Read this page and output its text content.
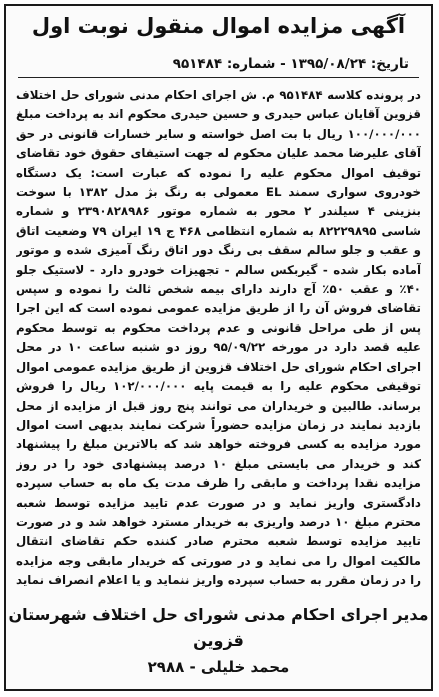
آگهی مزایده اموال منقول نوبت اول
تاریخ: ۱۳۹۵/۰۸/۲۴ - شماره: ۹۵۱۴۸۴
در پرونده کلاسه ۹۵۱۴۸۴ م. ش اجرای احکام مدنی شورای حل اختلاف قزوین آقایان عباس حیدری و حسین حیدری محکوم اند به پرداخت مبلغ ۱۰۰/۰۰۰/۰۰۰ ریال با بت اصل خواسته و سایر خسارات قانونی در حق آقای علیرضا محمد علیان محکوم له جهت استیفای حقوق خود تقاضای توقیف اموال محکوم علیه را نموده که عبارت است: یک دستگاه خودروی سواری سمند EL معمولی به رنگ بژ مدل ۱۳۸۲ با سوخت بنزینی ۴ سیلندر ۲ محور به شماره موتور ۲۳۹۰۸۲۸۹۸۶ و شماره شاسی ۸۲۲۲۹۸۹۵ به شماره انتظامی ۴۶۸ ج ۱۹ ایران ۷۹ وضعیت اتاق و عقب و جلو سالم سقف بی رنگ دور اتاق رنگ آمیزی شده و موتور آماده بکار شده - گیربکس سالم - تجهیزات خودرو دارد - لاستیک جلو ۴۰٪ و عقب ۵۰٪ آج دارند دارای بیمه شخص ثالث را نموده و سپس تقاضای فروش آن را از طریق مزایده عمومی نموده است که این اجرا پس از طی مراحل قانونی و عدم پرداخت محکوم به توسط محکوم علیه قصد دارد در مورخه ۹۵/۰۹/۲۲ روز دو شنبه ساعت ۱۰ در محل اجرای احکام شورای حل اختلاف قزوین از طریق مزایده عمومی اموال توقیفی محکوم علیه را به قیمت پایه ۱۰۲/۰۰۰/۰۰۰ ریال را فروش برساند. طالبین و خریداران می توانند پنج روز قبل از مزایده از محل بازدید نمایند در زمان مزایده حضوراً شرکت نمایند بدیهی است اموال مورد مزایده به کسی فروخته خواهد شد که بالاترین مبلغ را پیشنهاد کند و خریدار می بایستی مبلغ ۱۰ درصد پیشنهادی خود را در روز مزایده نقدا پرداخت و مابقی را ظرف مدت یک ماه به حساب سپرده دادگستری واریز نماید و در صورت عدم تایید مزایده توسط شعبه محترم مبلغ ۱۰ درصد واریزی به خریدار مسترد خواهد شد و در صورت تایید مزایده توسط شعبه محترم صادر کننده حکم تقاضای انتقال مالکیت اموال را می نماید و در صورتی که خریدار مابقی وجه مزایده را در زمان مقرر به حساب سپرده واریز ننماید و یا اعلام انصراف نماید
مدیر اجرای احکام مدنی شورای حل اختلاف شهرستان قزوین
محمد خلیلی - ۲۹۸۸
